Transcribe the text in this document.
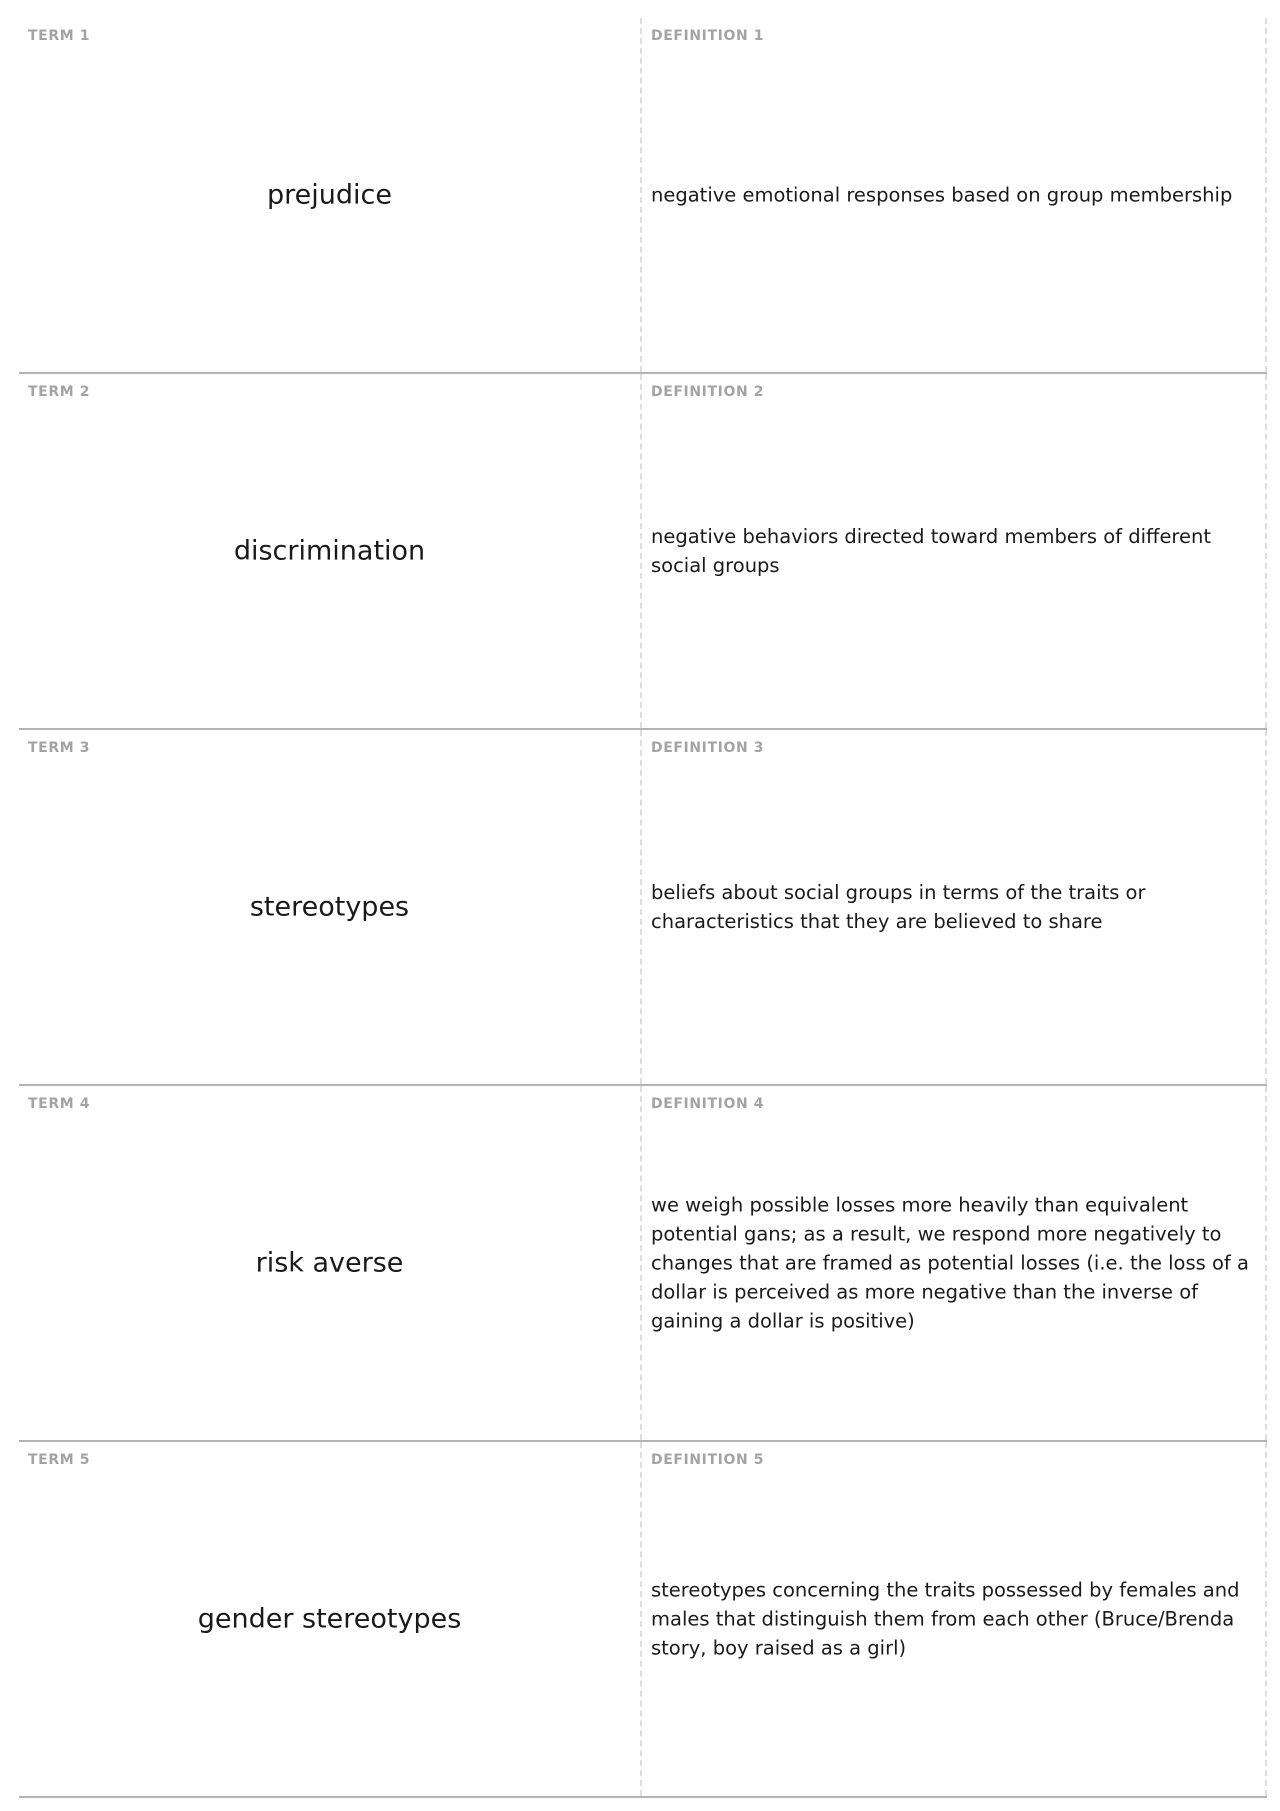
TERM 1
prejudice
DEFINITION 1
negative emotional responses based on group membership
TERM 2
discrimination
DEFINITION 2
negative behaviors directed toward members of different social groups
TERM 3
stereotypes
DEFINITION 3
beliefs about social groups in terms of the traits or characteristics that they are believed to share
TERM 4
risk averse
DEFINITION 4
we weigh possible losses more heavily than equivalent potential gans; as a result, we respond more negatively to changes that are framed as potential losses (i.e. the loss of a dollar is perceived as more negative than the inverse of gaining a dollar is positive)
TERM 5
gender stereotypes
DEFINITION 5
stereotypes concerning the traits possessed by females and males that distinguish them from each other (Bruce/Brenda story, boy raised as a girl)
